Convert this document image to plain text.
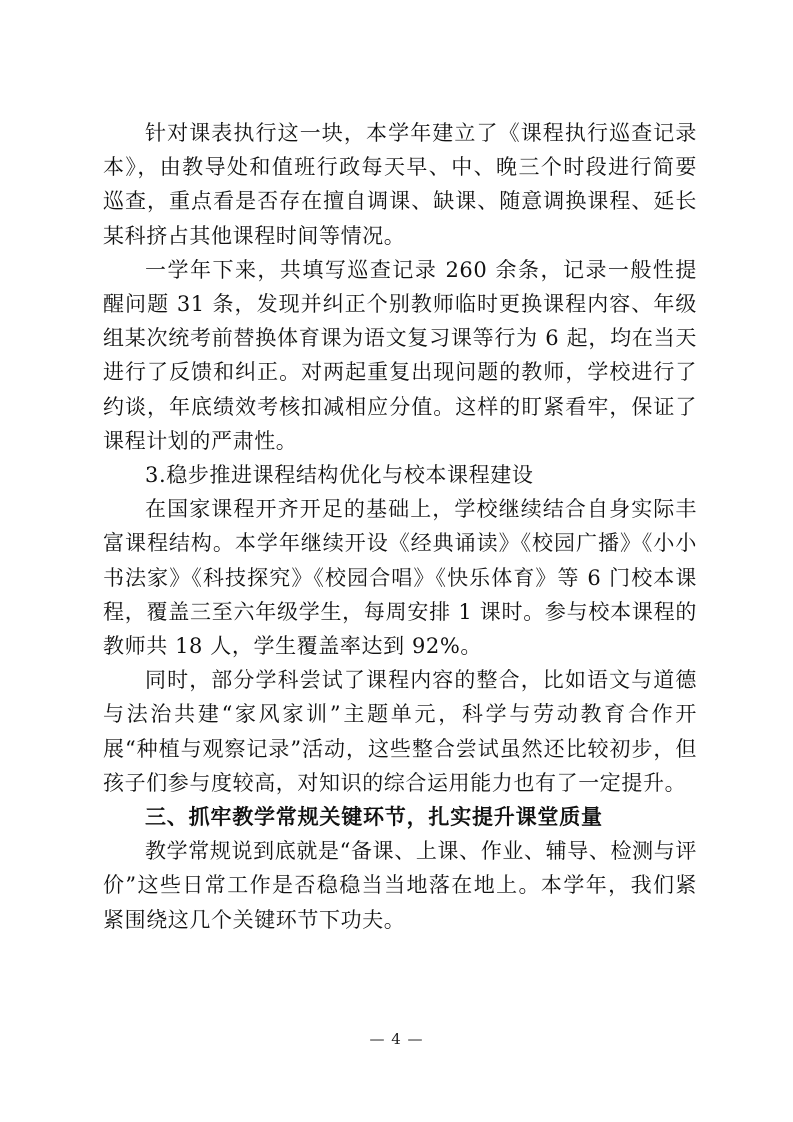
针对课表执行这一块，本学年建立了《课程执行巡查记录本》，由教导处和值班行政每天早、中、晚三个时段进行简要巡查，重点看是否存在擅自调课、缺课、随意调换课程、延长某科挤占其他课程时间等情况。

一学年下来，共填写巡查记录 260 余条，记录一般性提醒问题 31 条，发现并纠正个别教师临时更换课程内容、年级组某次统考前替换体育课为语文复习课等行为 6 起，均在当天进行了反馈和纠正。对两起重复出现问题的教师，学校进行了约谈，年底绩效考核扣减相应分值。这样的盯紧看牢，保证了课程计划的严肃性。

3.稳步推进课程结构优化与校本课程建设

在国家课程开齐开足的基础上，学校继续结合自身实际丰富课程结构。本学年继续开设《经典诵读》《校园广播》《小小书法家》《科技探究》《校园合唱》《快乐体育》等 6 门校本课程，覆盖三至六年级学生，每周安排 1 课时。参与校本课程的教师共 18 人，学生覆盖率达到 92%。

同时，部分学科尝试了课程内容的整合，比如语文与道德与法治共建“家风家训”主题单元，科学与劳动教育合作开展“种植与观察记录”活动，这些整合尝试虽然还比较初步，但孩子们参与度较高，对知识的综合运用能力也有了一定提升。

三、抓牢教学常规关键环节，扎实提升课堂质量

教学常规说到底就是“备课、上课、作业、辅导、检测与评价”这些日常工作是否稳稳当当地落在地上。本学年，我们紧紧围绕这几个关键环节下功夫。

— 4 —
